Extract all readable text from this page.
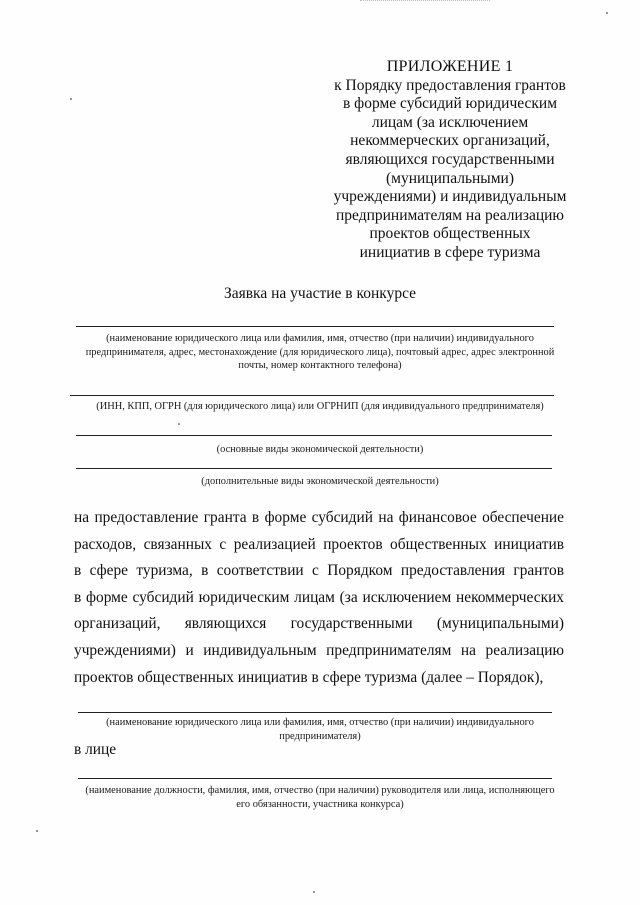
ПРИЛОЖЕНИЕ 1
к Порядку предоставления грантов
в форме субсидий юридическим
лицам (за исключением
некоммерческих организаций,
являющихся государственными
(муниципальными)
учреждениями) и индивидуальным
предпринимателям на реализацию
проектов общественных
инициатив в сфере туризма
Заявка на участие в конкурсе
(наименование юридического лица или фамилия, имя, отчество (при наличии) индивидуального
предпринимателя, адрес, местонахождение (для юридического лица), почтовый адрес, адрес электронной
почты, номер контактного телефона)
(ИНН, КПП, ОГРН (для юридического лица) или ОГРНИП (для индивидуального предпринимателя)
(основные виды экономической деятельности)
(дополнительные виды экономической деятельности)
на предоставление гранта в форме субсидий на финансовое обеспечение
расходов, связанных с реализацией проектов общественных инициатив
в сфере туризма, в соответствии с Порядком предоставления грантов
в форме субсидий юридическим лицам (за исключением некоммерческих
организаций, являющихся государственными (муниципальными)
учреждениями) и индивидуальным предпринимателям на реализацию
проектов общественных инициатив в сфере туризма (далее – Порядок),
(наименование юридического лица или фамилия, имя, отчество (при наличии) индивидуального
предпринимателя)
в лице
(наименование должности, фамилия, имя, отчество (при наличии) руководителя или лица, исполняющего
его обязанности, участника конкурса)
